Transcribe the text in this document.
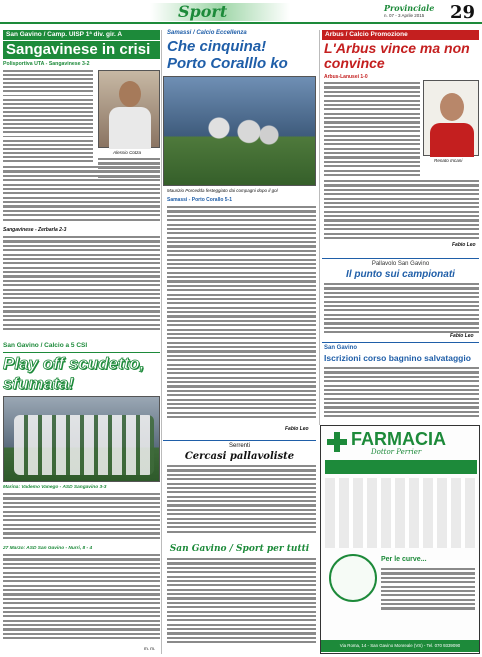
Sport	Provinciale
n. 07 - 3 Aprile 2015 29
San Gavino / Camp. UISP 1ª div. gir. A
Sangavinese in crisi
Polisportiva UTA - Sangavinese 3-2
Alessio Cotza
Sangavinese - Zerbarla 2-3
Samassi / Calcio Eccellenza
Che cinquina!
Porto Coralllo ko
Maurizio Porcedda festeggiato dai compagni dopo il gol
Samassi - Porto Corallo 5-1
Fabio Leo
Arbus / Calcio Promozione
L'Arbus vince ma non convince
Arbus-Lanusei 1-0
Renato Incani
Fabio Leo
Pallavolo San Gavino
Il punto sui campionati
Fabio Leo
San Gavino
Iscrizioni corso bagnino salvataggio
San Gavino / Calcio a 5 CSI
Play off scudetto,
sfumata!
Marina: Vademo Vanego - ASD Sangavino 3-3
27 Marzo: ASD San Gavino - Nurri, 8 - 4
m. m.
Serrenti
Cercasi pallavoliste
San Gavino / Sport per tutti
FARMACIA
Dottor Perrier
Per le curve...
Via Roma, 14 - San Gavino Monreale (VS) - Tel. 070 9339090
